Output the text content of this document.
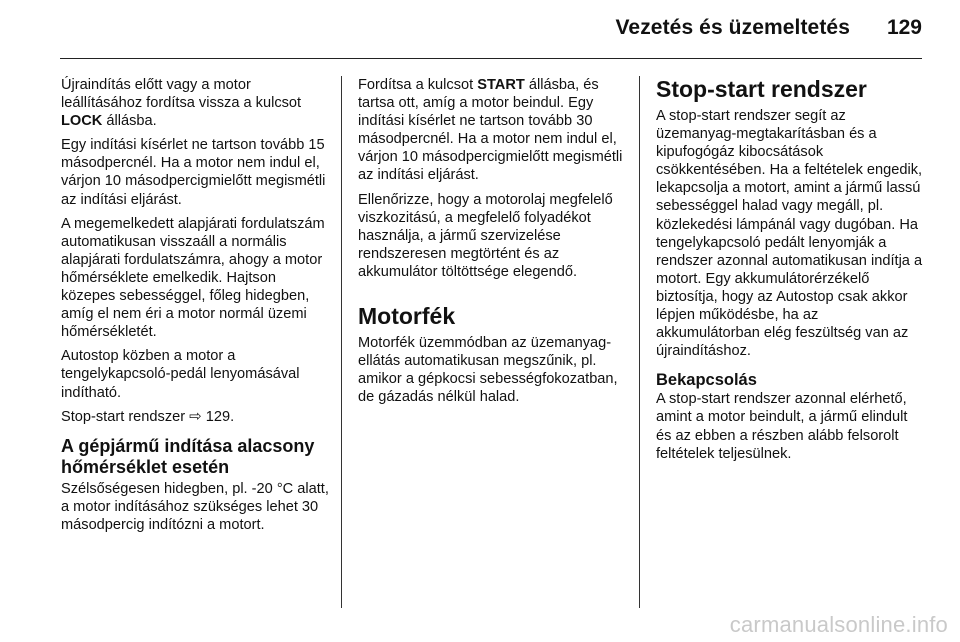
Vezetés és üzemeltetés 129

Újraindítás előtt vagy a motor leállításához fordítsa vissza a kulcsot LOCK állásba.

Egy indítási kísérlet ne tartson tovább 15 másodpercnél. Ha a motor nem indul el, várjon 10 másodpercigmielőtt megismétli az indítási eljárást.

A megemelkedett alapjárati fordulatszám automatikusan visszaáll a normális alapjárati fordulatszámra, ahogy a motor hőmérséklete emelkedik. Hajtson közepes sebességgel, főleg hidegben, amíg el nem éri a motor normál üzemi hőmérsékletét.

Autostop közben a motor a tengelykapcsoló-pedál lenyomásával indítható.

Stop-start rendszer ⇨ 129.

A gépjármű indítása alacsony hőmérséklet esetén

Szélsőségesen hidegben, pl. -20 °C alatt, a motor indításához szükséges lehet 30 másodpercig indítózni a motort.

Fordítsa a kulcsot START állásba, és tartsa ott, amíg a motor beindul. Egy indítási kísérlet ne tartson tovább 30 másodpercnél. Ha a motor nem indul el, várjon 10 másodpercigmielőtt megismétli az indítási eljárást.

Ellenőrizze, hogy a motorolaj megfelelő viszkozitású, a megfelelő folyadékot használja, a jármű szervizelése rendszeresen megtörtént és az akkumulátor töltöttsége elegendő.

Motorfék

Motorfék üzemmódban az üzemanyag-ellátás automatikusan megszűnik, pl. amikor a gépkocsi sebességfokozatban, de gázadás nélkül halad.

Stop-start rendszer

A stop-start rendszer segít az üzemanyag-megtakarításban és a kipufogógáz kibocsátások csökkentésében. Ha a feltételek engedik, lekapcsolja a motort, amint a jármű lassú sebességgel halad vagy megáll, pl. közlekedési lámpánál vagy dugóban. Ha tengelykapcsoló pedált lenyomják a rendszer azonnal automatikusan indítja a motort. Egy akkumulátorérzékelő biztosítja, hogy az Autostop csak akkor lépjen működésbe, ha az akkumulátorban elég feszültség van az újraindításhoz.

Bekapcsolás

A stop-start rendszer azonnal elérhető, amint a motor beindult, a jármű elindult és az ebben a részben alább felsorolt feltételek teljesülnek.

carmanualsonline.info
